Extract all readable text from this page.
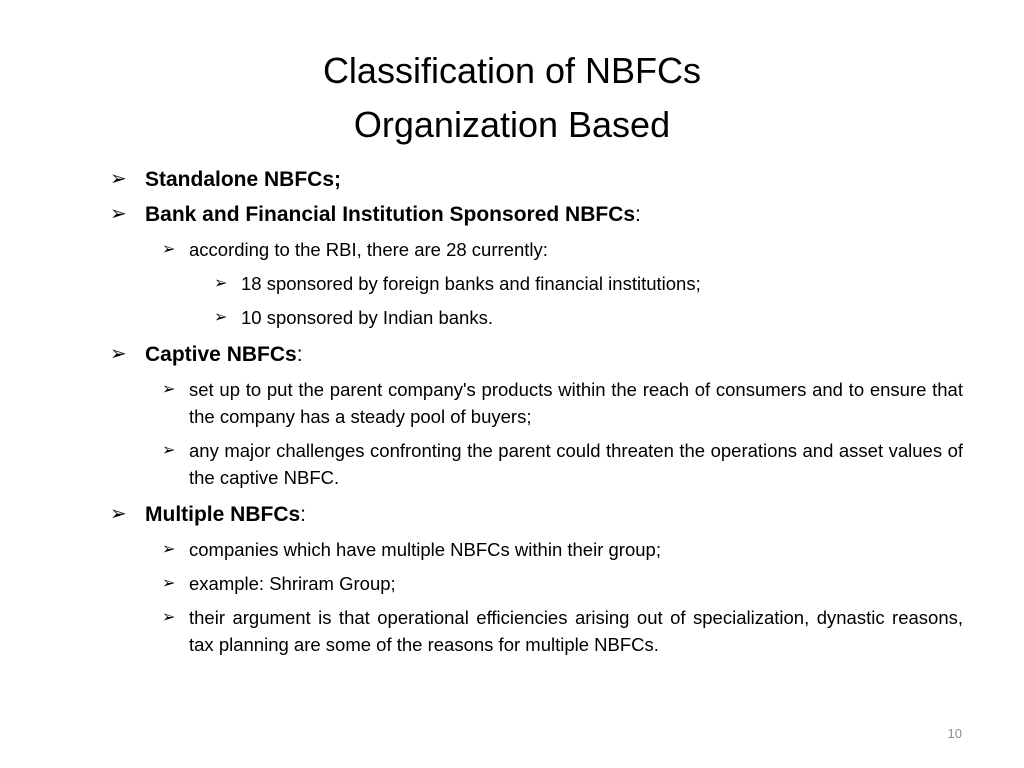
Classification of NBFCs
Organization Based
➢ Standalone NBFCs;
➢ Bank and Financial Institution Sponsored NBFCs:
➢ according to the RBI, there are 28 currently:
➢ 18 sponsored by foreign banks and financial institutions;
➢ 10 sponsored by Indian banks.
➢ Captive NBFCs:
➢ set up to put the parent company's products within the reach of consumers and to ensure that the company has a steady pool of buyers;
➢ any major challenges confronting the parent could threaten the operations and asset values of the captive NBFC.
➢ Multiple NBFCs:
➢ companies which have multiple NBFCs within their group;
➢ example: Shriram Group;
➢ their argument is that operational efficiencies arising out of specialization, dynastic reasons, tax planning are some of the reasons for multiple NBFCs.
10
